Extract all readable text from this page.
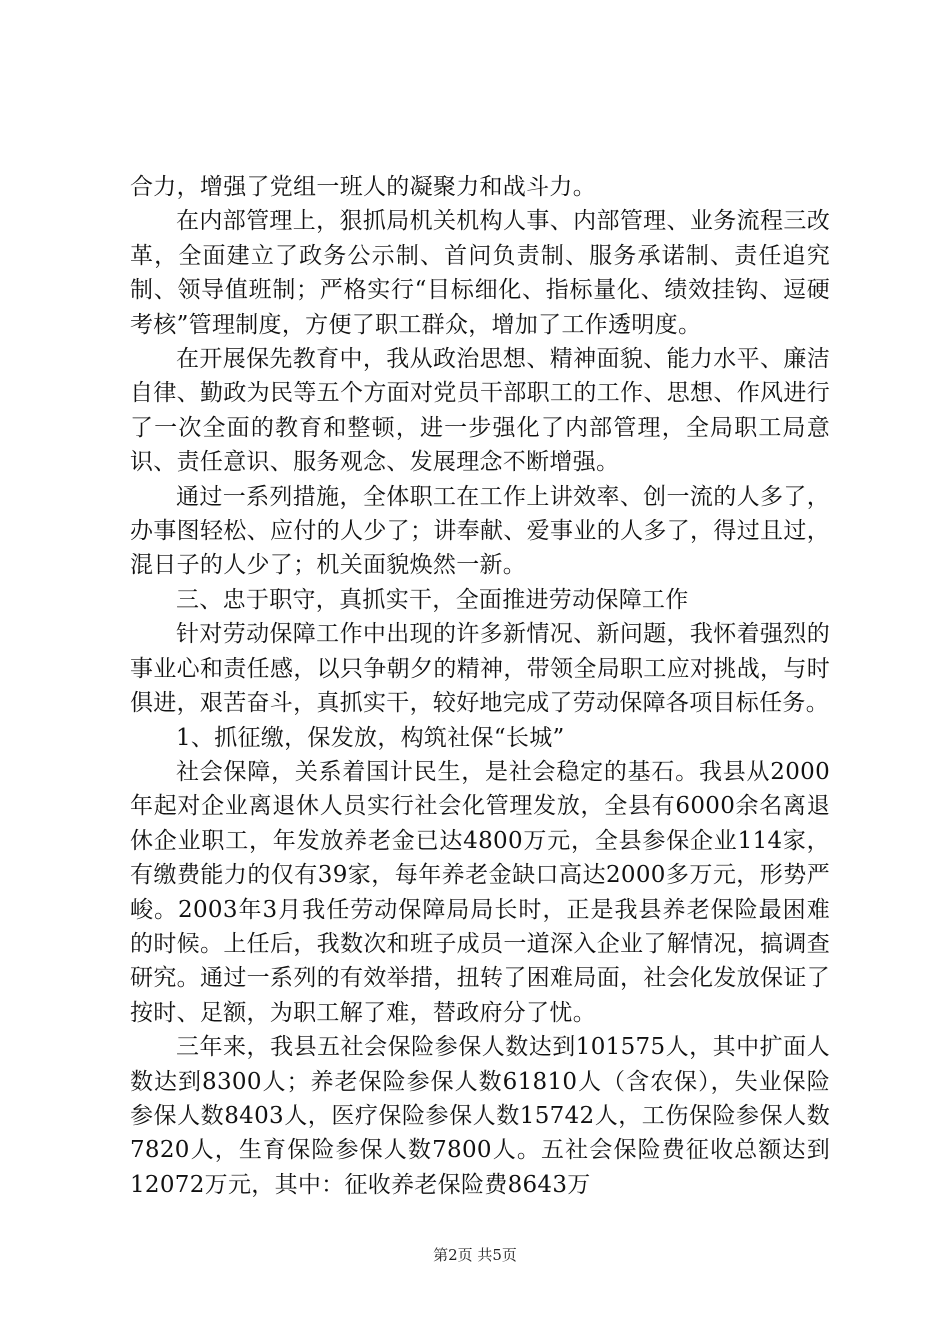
合力，增强了党组一班人的凝聚力和战斗力。

在内部管理上，狠抓局机关机构人事、内部管理、业务流程三改革，全面建立了政务公示制、首问负责制、服务承诺制、责任追究制、领导值班制；严格实行“目标细化、指标量化、绩效挂钩、逗硬考核”管理制度，方便了职工群众，增加了工作透明度。

在开展保先教育中，我从政治思想、精神面貌、能力水平、廉洁自律、勤政为民等五个方面对党员干部职工的工作、思想、作风进行了一次全面的教育和整顿，进一步强化了内部管理，全局职工局意识、责任意识、服务观念、发展理念不断增强。

通过一系列措施，全体职工在工作上讲效率、创一流的人多了，办事图轻松、应付的人少了；讲奉献、爱事业的人多了，得过且过，混日子的人少了；机关面貌焕然一新。

三、忠于职守，真抓实干，全面推进劳动保障工作

针对劳动保障工作中出现的许多新情况、新问题，我怀着强烈的事业心和责任感，以只争朝夕的精神，带领全局职工应对挑战，与时俱进，艰苦奋斗，真抓实干，较好地完成了劳动保障各项目标任务。

1、抓征缴，保发放，构筑社保“长城”

社会保障，关系着国计民生，是社会稳定的基石。我县从2000年起对企业离退休人员实行社会化管理发放，全县有6000余名离退休企业职工，年发放养老金已达4800万元，全县参保企业114家，有缴费能力的仅有39家，每年养老金缺口高达2000多万元，形势严峻。2003年3月我任劳动保障局局长时，正是我县养老保险最困难的时候。上任后，我数次和班子成员一道深入企业了解情况，搞调查研究。通过一系列的有效举措，扭转了困难局面，社会化发放保证了按时、足额，为职工解了难，替政府分了忧。

三年来，我县五社会保险参保人数达到101575人，其中扩面人数达到8300人；养老保险参保人数61810人（含农保），失业保险参保人数8403人，医疗保险参保人数15742人，工伤保险参保人数7820人，生育保险参保人数7800人。五社会保险费征收总额达到12072万元，其中：征收养老保险费8643万

第2页 共5页
